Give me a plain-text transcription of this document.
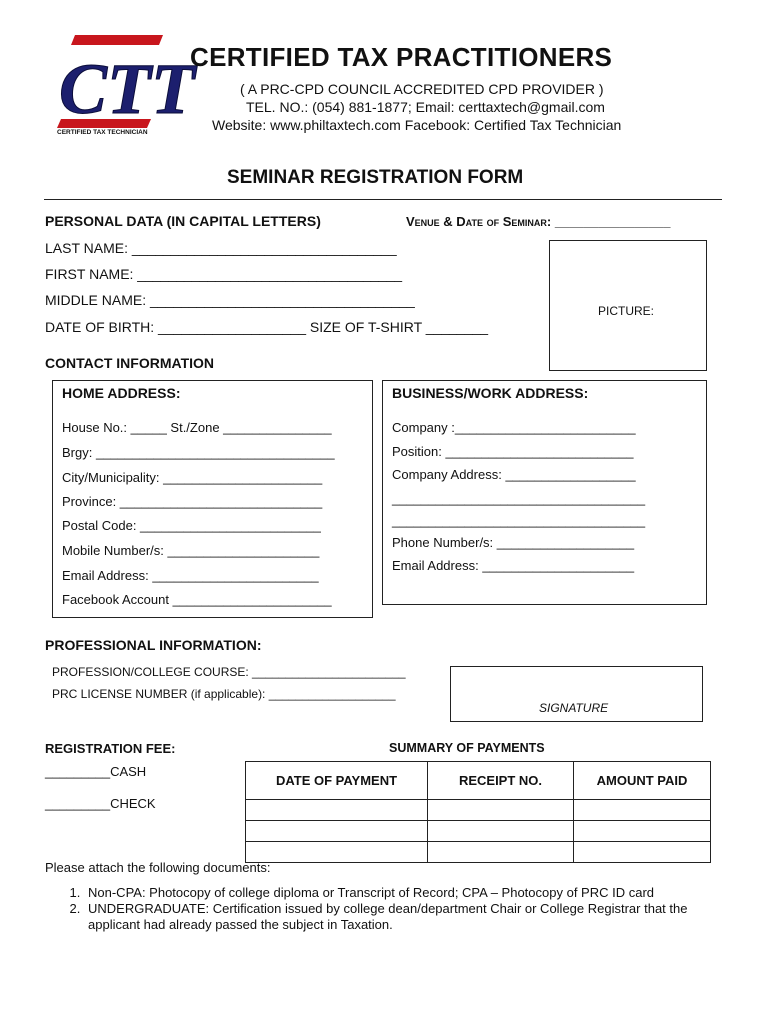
CTT
CERTIFIED TAX TECHNICIAN
CERTIFIED TAX PRACTITIONERS
( A PRC-CPD COUNCIL ACCREDITED CPD PROVIDER )
TEL. NO.: (054) 881-1877; Email: certtaxtech@gmail.com
Website: www.philtaxtech.com Facebook: Certified Tax Technician
SEMINAR REGISTRATION FORM
PERSONAL DATA (IN CAPITAL LETTERS)	Venue & Date of Seminar: ________________
LAST NAME: __________________________________
FIRST NAME: __________________________________
MIDDLE NAME: __________________________________
DATE OF BIRTH: ___________________ SIZE OF T-SHIRT ________
PICTURE:
CONTACT INFORMATION
HOME ADDRESS:
House No.: _____ St./Zone _______________
Brgy: _________________________________
City/Municipality: ______________________
Province: ____________________________
Postal Code: _________________________
Mobile Number/s: _____________________
Email Address: _______________________
Facebook Account ______________________
BUSINESS/WORK ADDRESS:
Company :_________________________
Position: __________________________
Company Address: __________________
___________________________________
___________________________________
Phone Number/s: ___________________
Email Address: _____________________
PROFESSIONAL INFORMATION:
PROFESSION/COLLEGE COURSE: _______________________
PRC LICENSE NUMBER (if applicable): ___________________
SIGNATURE
REGISTRATION FEE:
_________CASH
_________CHECK
SUMMARY OF PAYMENTS
DATE OF PAYMENT	RECEIPT NO.	AMOUNT PAID

Please attach the following documents:
1. Non-CPA: Photocopy of college diploma or Transcript of Record; CPA – Photocopy of PRC ID card
2. UNDERGRADUATE: Certification issued by college dean/department Chair or College Registrar that the applicant had already passed the subject in Taxation.
